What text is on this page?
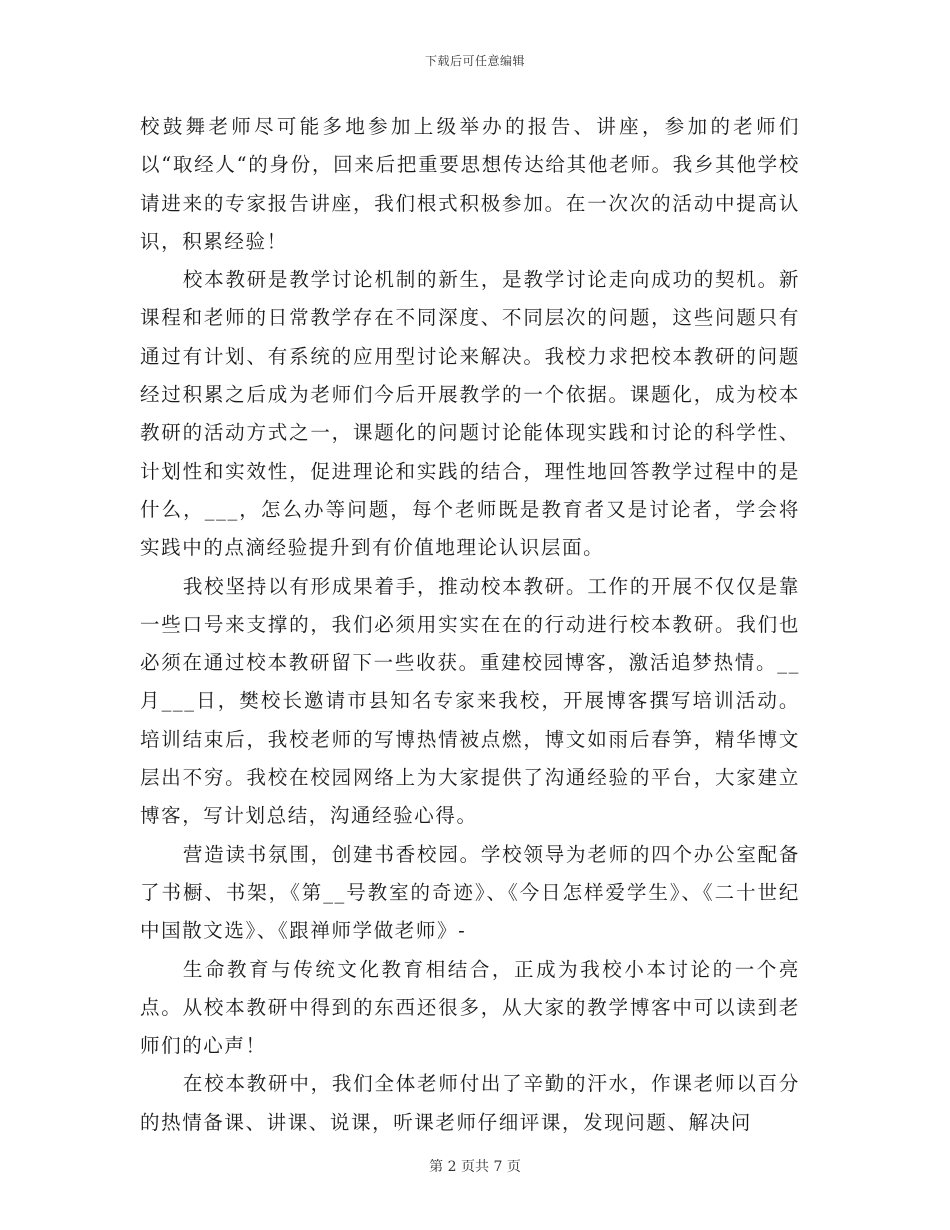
下载后可任意编辑

校鼓舞老师尽可能多地参加上级举办的报告、讲座，参加的老师们以“取经人“的身份，回来后把重要思想传达给其他老师。我乡其他学校请进来的专家报告讲座，我们根式积极参加。在一次次的活动中提高认识，积累经验！

校本教研是教学讨论机制的新生，是教学讨论走向成功的契机。新课程和老师的日常教学存在不同深度、不同层次的问题，这些问题只有通过有计划、有系统的应用型讨论来解决。我校力求把校本教研的问题经过积累之后成为老师们今后开展教学的一个依据。课题化，成为校本教研的活动方式之一，课题化的问题讨论能体现实践和讨论的科学性、计划性和实效性，促进理论和实践的结合，理性地回答教学过程中的是什么，___，怎么办等问题，每个老师既是教育者又是讨论者，学会将实践中的点滴经验提升到有价值地理论认识层面。

我校坚持以有形成果着手，推动校本教研。工作的开展不仅仅是靠一些口号来支撑的，我们必须用实实在在的行动进行校本教研。我们也必须在通过校本教研留下一些收获。重建校园博客，激活追梦热情。__月___日，樊校长邀请市县知名专家来我校，开展博客撰写培训活动。培训结束后，我校老师的写博热情被点燃，博文如雨后春笋，精华博文层出不穷。我校在校园网络上为大家提供了沟通经验的平台，大家建立博客，写计划总结，沟通经验心得。

营造读书氛围，创建书香校园。学校领导为老师的四个办公室配备了书橱、书架，《第__号教室的奇迹》、《今日怎样爱学生》、《二十世纪中国散文选》、《跟禅师学做老师》-

生命教育与传统文化教育相结合，正成为我校小本讨论的一个亮点。从校本教研中得到的东西还很多，从大家的教学博客中可以读到老师们的心声！

在校本教研中，我们全体老师付出了辛勤的汗水，作课老师以百分的热情备课、讲课、说课，听课老师仔细评课，发现问题、解决问

第 2 页共 7 页
